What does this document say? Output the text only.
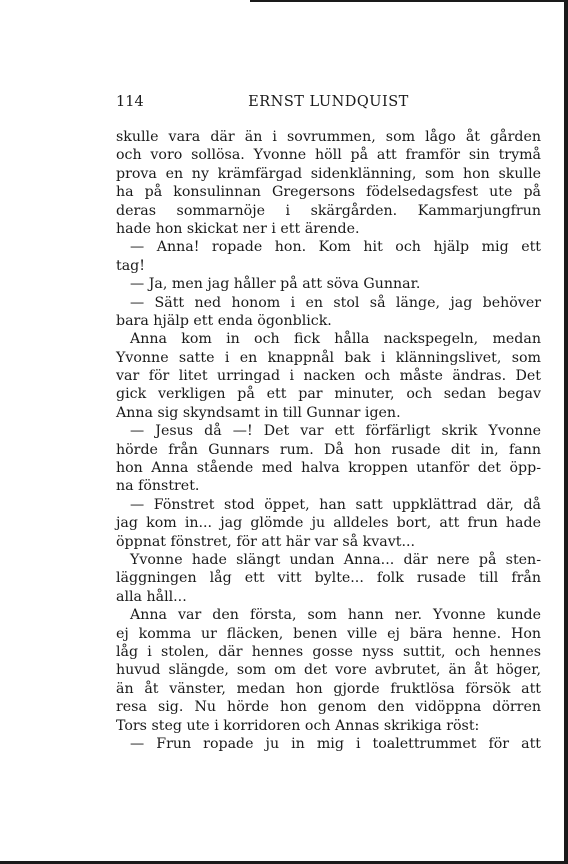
114	ERNST LUNDQUIST
skulle vara där än i sovrummen, som lågo åt gården
och voro sollösa. Yvonne höll på att framför sin trymå
prova en ny krämfärgad sidenklänning, som hon skulle
ha på konsulinnan Gregersons födelsedagsfest ute på
deras sommarnöje i skärgården. Kammarjungfrun
hade hon skickat ner i ett ärende.
— Anna! ropade hon. Kom hit och hjälp mig ett
tag!
— Ja, men jag håller på att söva Gunnar.
— Sätt ned honom i en stol så länge, jag behöver
bara hjälp ett enda ögonblick.
Anna kom in och fick hålla nackspegeln, medan
Yvonne satte i en knappnål bak i klänningslivet, som
var för litet urringad i nacken och måste ändras. Det
gick verkligen på ett par minuter, och sedan begav
Anna sig skyndsamt in till Gunnar igen.
— Jesus då —! Det var ett förfärligt skrik Yvonne
hörde från Gunnars rum. Då hon rusade dit in, fann
hon Anna stående med halva kroppen utanför det öpp-
na fönstret.
— Fönstret stod öppet, han satt uppklättrad där, då
jag kom in... jag glömde ju alldeles bort, att frun hade
öppnat fönstret, för att här var så kvavt...
Yvonne hade slängt undan Anna... där nere på sten-
läggningen låg ett vitt bylte... folk rusade till från
alla håll...
Anna var den första, som hann ner. Yvonne kunde
ej komma ur fläcken, benen ville ej bära henne. Hon
låg i stolen, där hennes gosse nyss suttit, och hennes
huvud slängde, som om det vore avbrutet, än åt höger,
än åt vänster, medan hon gjorde fruktlösa försök att
resa sig. Nu hörde hon genom den vidöppna dörren
Tors steg ute i korridoren och Annas skrikiga röst:
— Frun ropade ju in mig i toalettrummet för att
